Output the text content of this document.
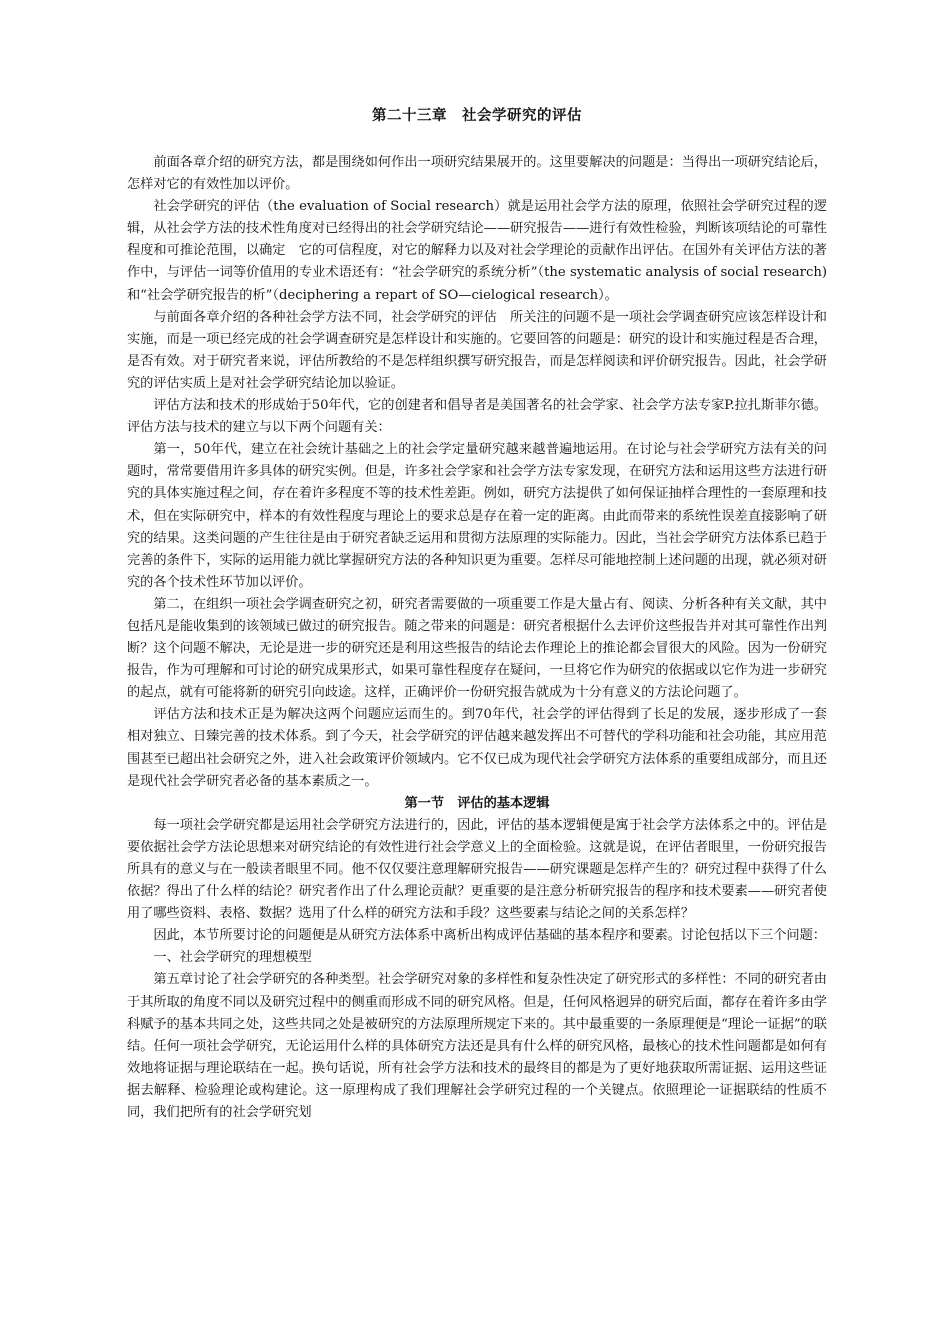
第二十三章　社会学研究的评估

前面各章介绍的研究方法，都是围绕如何作出一项研究结果展开的。这里要解决的问题是：当得出一项研究结论后，怎样对它的有效性加以评价。

社会学研究的评估（the evaluation of Social research）就是运用社会学方法的原理，依照社会学研究过程的逻辑，从社会学方法的技术性角度对已经得出的社会学研究结论——研究报告——进行有效性检验，判断该项结论的可靠性程度和可推论范围，以确定　它的可信程度，对它的解释力以及对社会学理论的贡献作出评估。在国外有关评估方法的著作中，与评估一词等价值用的专业术语还有：“社会学研究的系统分析”（the systematic analysis of social research)和“社会学研究报告的析”（deciphering a repart of SO—cielogical research）。

与前面各章介绍的各种社会学方法不同，社会学研究的评估　所关注的问题不是一项社会学调查研究应该怎样设计和实施，而是一项已经完成的社会学调查研究是怎样设计和实施的。它要回答的问题是：研究的设计和实施过程是否合理，是否有效。对于研究者来说，评估所教给的不是怎样组织撰写研究报告，而是怎样阅读和评价研究报告。因此，社会学研究的评估实质上是对社会学研究结论加以验证。

评估方法和技术的形成始于50年代，它的创建者和倡导者是美国著名的社会学家、社会学方法专家P.拉扎斯菲尔德。评估方法与技术的建立与以下两个问题有关：

第一，50年代，建立在社会统计基础之上的社会学定量研究越来越普遍地运用。在讨论与社会学研究方法有关的问题时，常常要借用许多具体的研究实例。但是，许多社会学家和社会学方法专家发现，在研究方法和运用这些方法进行研究的具体实施过程之间，存在着许多程度不等的技术性差距。例如，研究方法提供了如何保证抽样合理性的一套原理和技术，但在实际研究中，样本的有效性程度与理论上的要求总是存在着一定的距离。由此而带来的系统性误差直接影响了研究的结果。这类问题的产生往往是由于研究者缺乏运用和贯彻方法原理的实际能力。因此，当社会学研究方法体系已趋于完善的条件下，实际的运用能力就比掌握研究方法的各种知识更为重要。怎样尽可能地控制上述问题的出现，就必须对研究的各个技术性环节加以评价。

第二，在组织一项社会学调查研究之初，研究者需要做的一项重要工作是大量占有、阅读、分析各种有关文献，其中包括凡是能收集到的该领域已做过的研究报告。随之带来的问题是：研究者根据什么去评价这些报告并对其可靠性作出判断？这个问题不解决，无论是进一步的研究还是利用这些报告的结论去作理论上的推论都会冒很大的风险。因为一份研究报告，作为可理解和可讨论的研究成果形式，如果可靠性程度存在疑问，一旦将它作为研究的依据或以它作为进一步研究的起点，就有可能将新的研究引向歧途。这样，正确评价一份研究报告就成为十分有意义的方法论问题了。

评估方法和技术正是为解决这两个问题应运而生的。到70年代，社会学的评估得到了长足的发展，逐步形成了一套相对独立、日臻完善的技术体系。到了今天，社会学研究的评估越来越发挥出不可替代的学科功能和社会功能，其应用范围甚至已超出社会研究之外，进入社会政策评价领域内。它不仅已成为现代社会学研究方法体系的重要组成部分，而且还是现代社会学研究者必备的基本素质之一。

第一节　评估的基本逻辑

每一项社会学研究都是运用社会学研究方法进行的，因此，评估的基本逻辑便是寓于社会学方法体系之中的。评估是要依据社会学方法论思想来对研究结论的有效性进行社会学意义上的全面检验。这就是说，在评估者眼里，一份研究报告所具有的意义与在一般读者眼里不同。他不仅仅要注意理解研究报告——研究课题是怎样产生的？研究过程中获得了什么依据？得出了什么样的结论？研究者作出了什么理论贡献？更重要的是注意分析研究报告的程序和技术要素——研究者使用了哪些资料、表格、数据？选用了什么样的研究方法和手段？这些要素与结论之间的关系怎样？

因此，本节所要讨论的问题便是从研究方法体系中离析出构成评估基础的基本程序和要素。讨论包括以下三个问题：

一、社会学研究的理想模型

第五章讨论了社会学研究的各种类型。社会学研究对象的多样性和复杂性决定了研究形式的多样性：不同的研究者由于其所取的角度不同以及研究过程中的侧重而形成不同的研究风格。但是，任何风格迥异的研究后面，都存在着许多由学科赋予的基本共同之处，这些共同之处是被研究的方法原理所规定下来的。其中最重要的一条原理便是“理论一证据”的联结。任何一项社会学研究，无论运用什么样的具体研究方法还是具有什么样的研究风格，最核心的技术性问题都是如何有效地将证据与理论联结在一起。换句话说，所有社会学方法和技术的最终目的都是为了更好地获取所需证据、运用这些证据去解释、检验理论或构建论。这一原理构成了我们理解社会学研究过程的一个关键点。依照理论一证据联结的性质不同，我们把所有的社会学研究划
